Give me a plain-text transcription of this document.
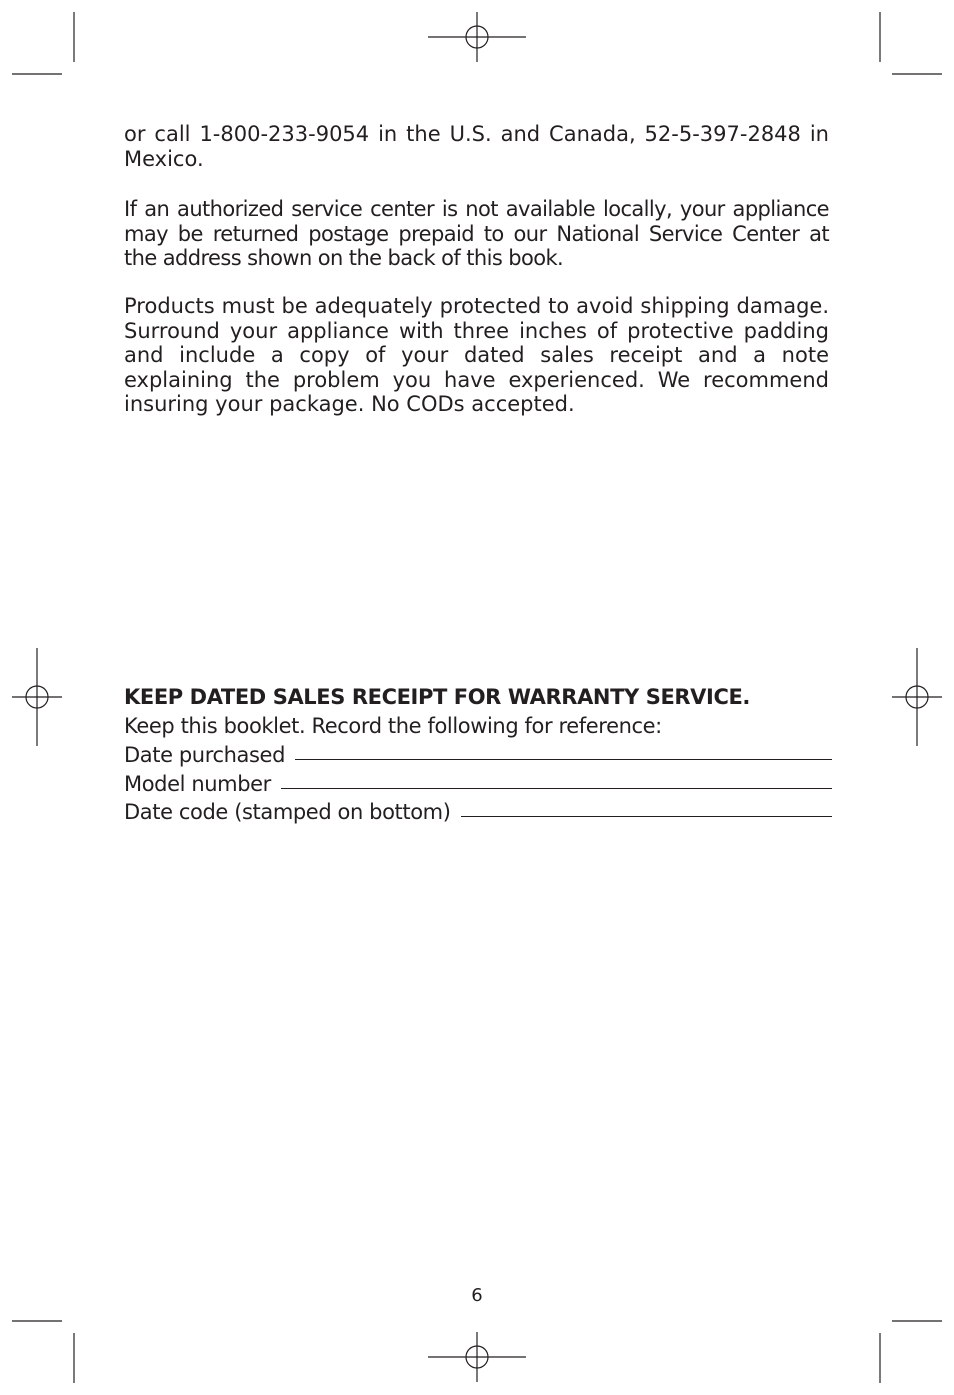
or call 1-800-233-9054 in the U.S. and Canada, 52-5-397-2848 in Mexico.

If an authorized service center is not available locally, your appliance may be returned postage prepaid to our National Service Center at the address shown on the back of this book.

Products must be adequately protected to avoid shipping damage. Surround your appliance with three inches of protective padding and include a copy of your dated sales receipt and a note explaining the problem you have experienced. We recommend insuring your package. No CODs accepted.

KEEP DATED SALES RECEIPT FOR WARRANTY SERVICE.
Keep this booklet. Record the following for reference:
Date purchased
Model number
Date code (stamped on bottom)
6
